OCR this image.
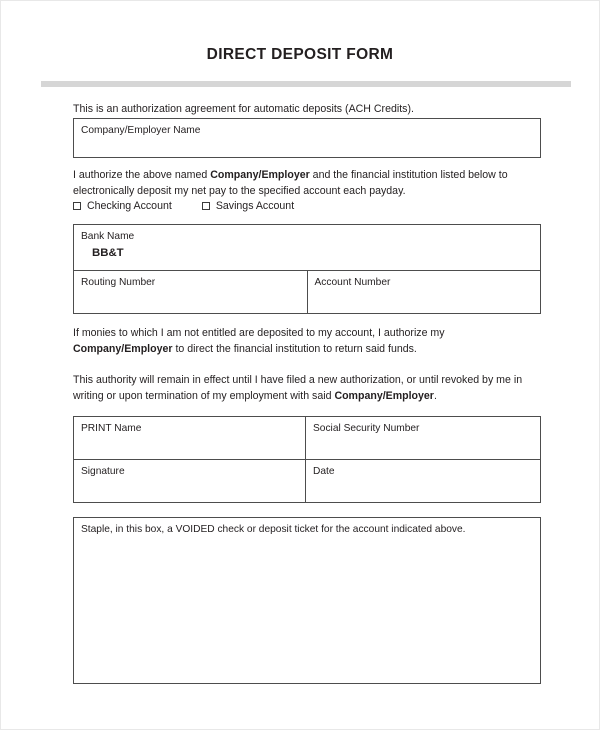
DIRECT DEPOSIT FORM

This is an authorization agreement for automatic deposits (ACH Credits).

Company/Employer Name

I authorize the above named Company/Employer and the financial institution listed below to electronically deposit my net pay to the specified account each payday.

Checking Account	Savings Account
Bank Name
BB&T

Routing Number	Account Number

If monies to which I am not entitled are deposited to my account, I authorize my Company/Employer to direct the financial institution to return said funds.

This authority will remain in effect until I have filed a new authorization, or until revoked by me in writing or upon termination of my employment with said Company/Employer.

PRINT Name	Social Security Number
Signature	Date
Staple, in this box, a VOIDED check or deposit ticket for the account indicated above.
